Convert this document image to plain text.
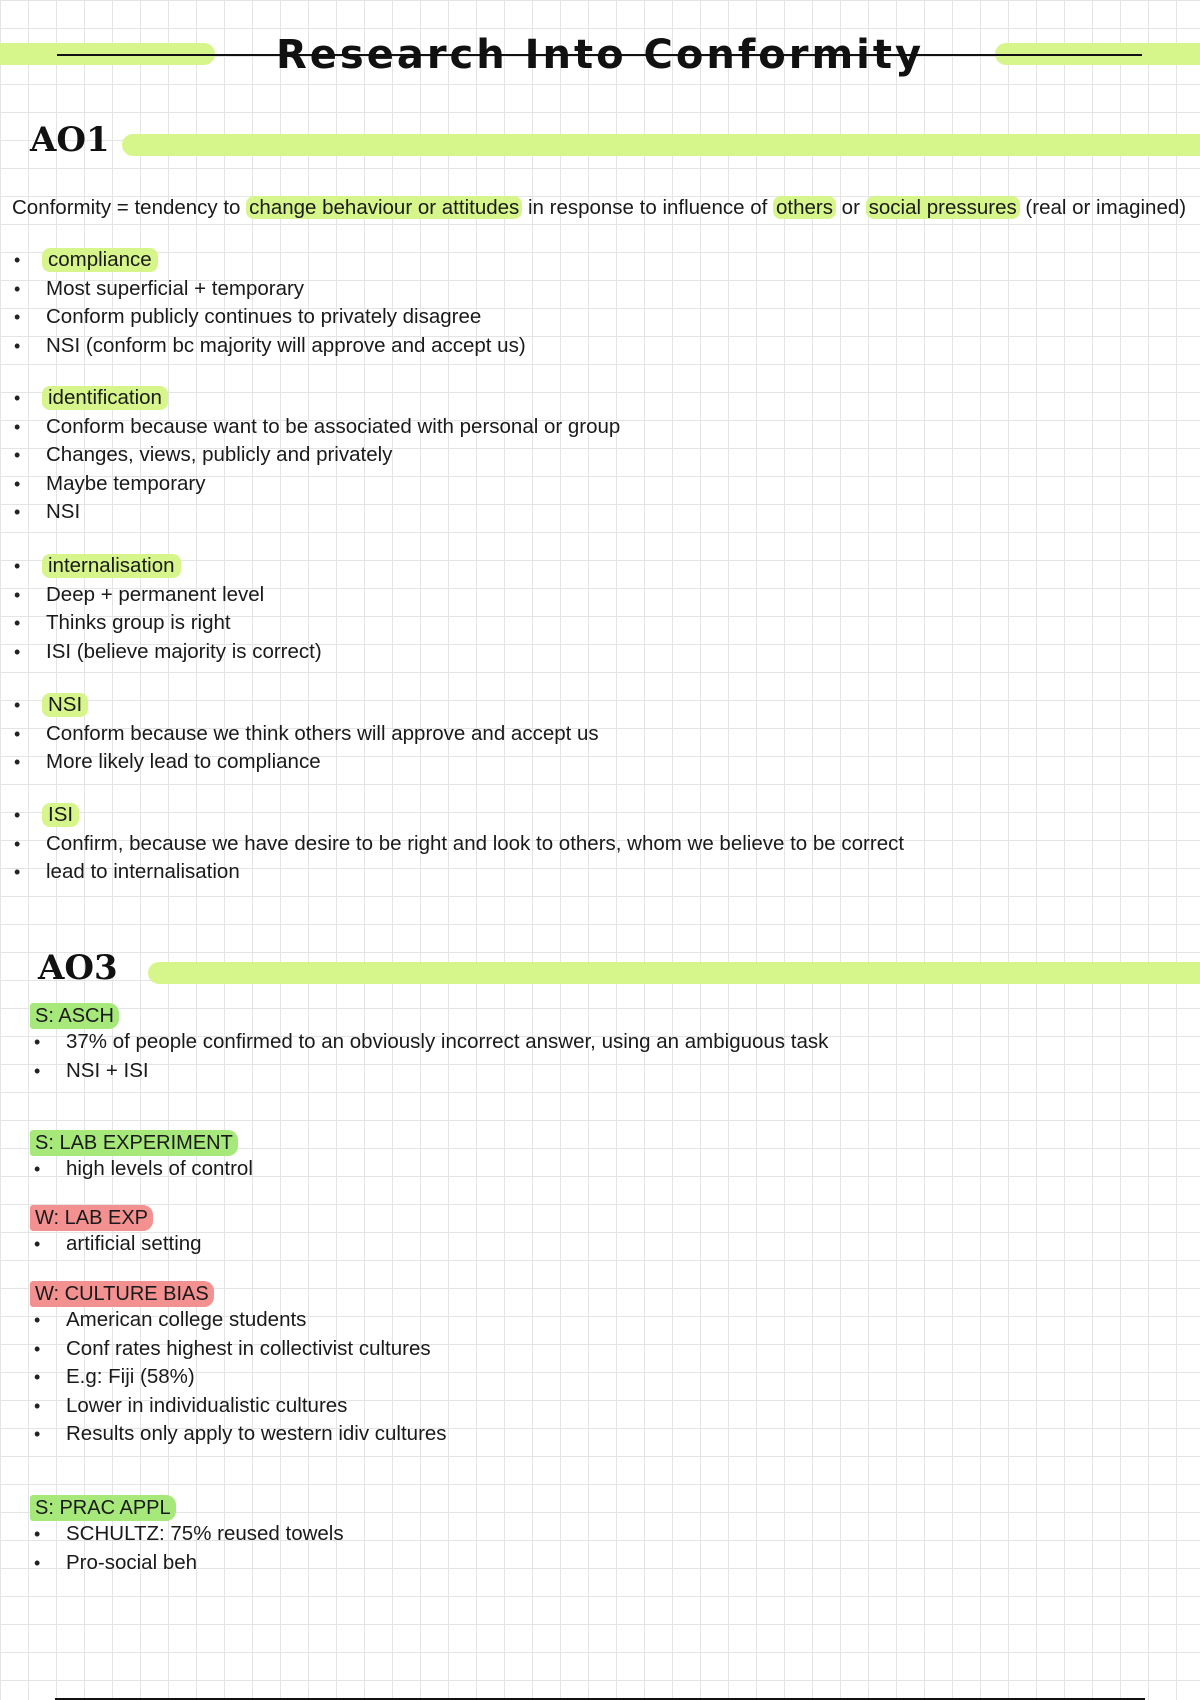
Research Into Conformity
AO1
Conformity = tendency to change behaviour or attitudes in response to influence of others or social pressures (real or imagined)
• compliance
• Most superficial + temporary
• Conform publicly continues to privately disagree
• NSI (conform bc majority will approve and accept us)
• identification
• Conform because want to be associated with personal or group
• Changes, views, publicly and privately
• Maybe temporary
• NSI
• internalisation
• Deep + permanent level
• Thinks group is right
• ISI (believe majority is correct)
• NSI
• Conform because we think others will approve and accept us
• More likely lead to compliance
• ISI
• Confirm, because we have desire to be right and look to others, whom we believe to be correct
• lead to internalisation
AO3
S: ASCH
• 37% of people confirmed to an obviously incorrect answer, using an ambiguous task
• NSI + ISI
S: LAB EXPERIMENT
• high levels of control
W: LAB EXP
• artificial setting
W: CULTURE BIAS
• American college students
• Conf rates highest in collectivist cultures
• E.g: Fiji (58%)
• Lower in individualistic cultures
• Results only apply to western idiv cultures
S: PRAC APPL
• SCHULTZ: 75% reused towels
• Pro-social beh
